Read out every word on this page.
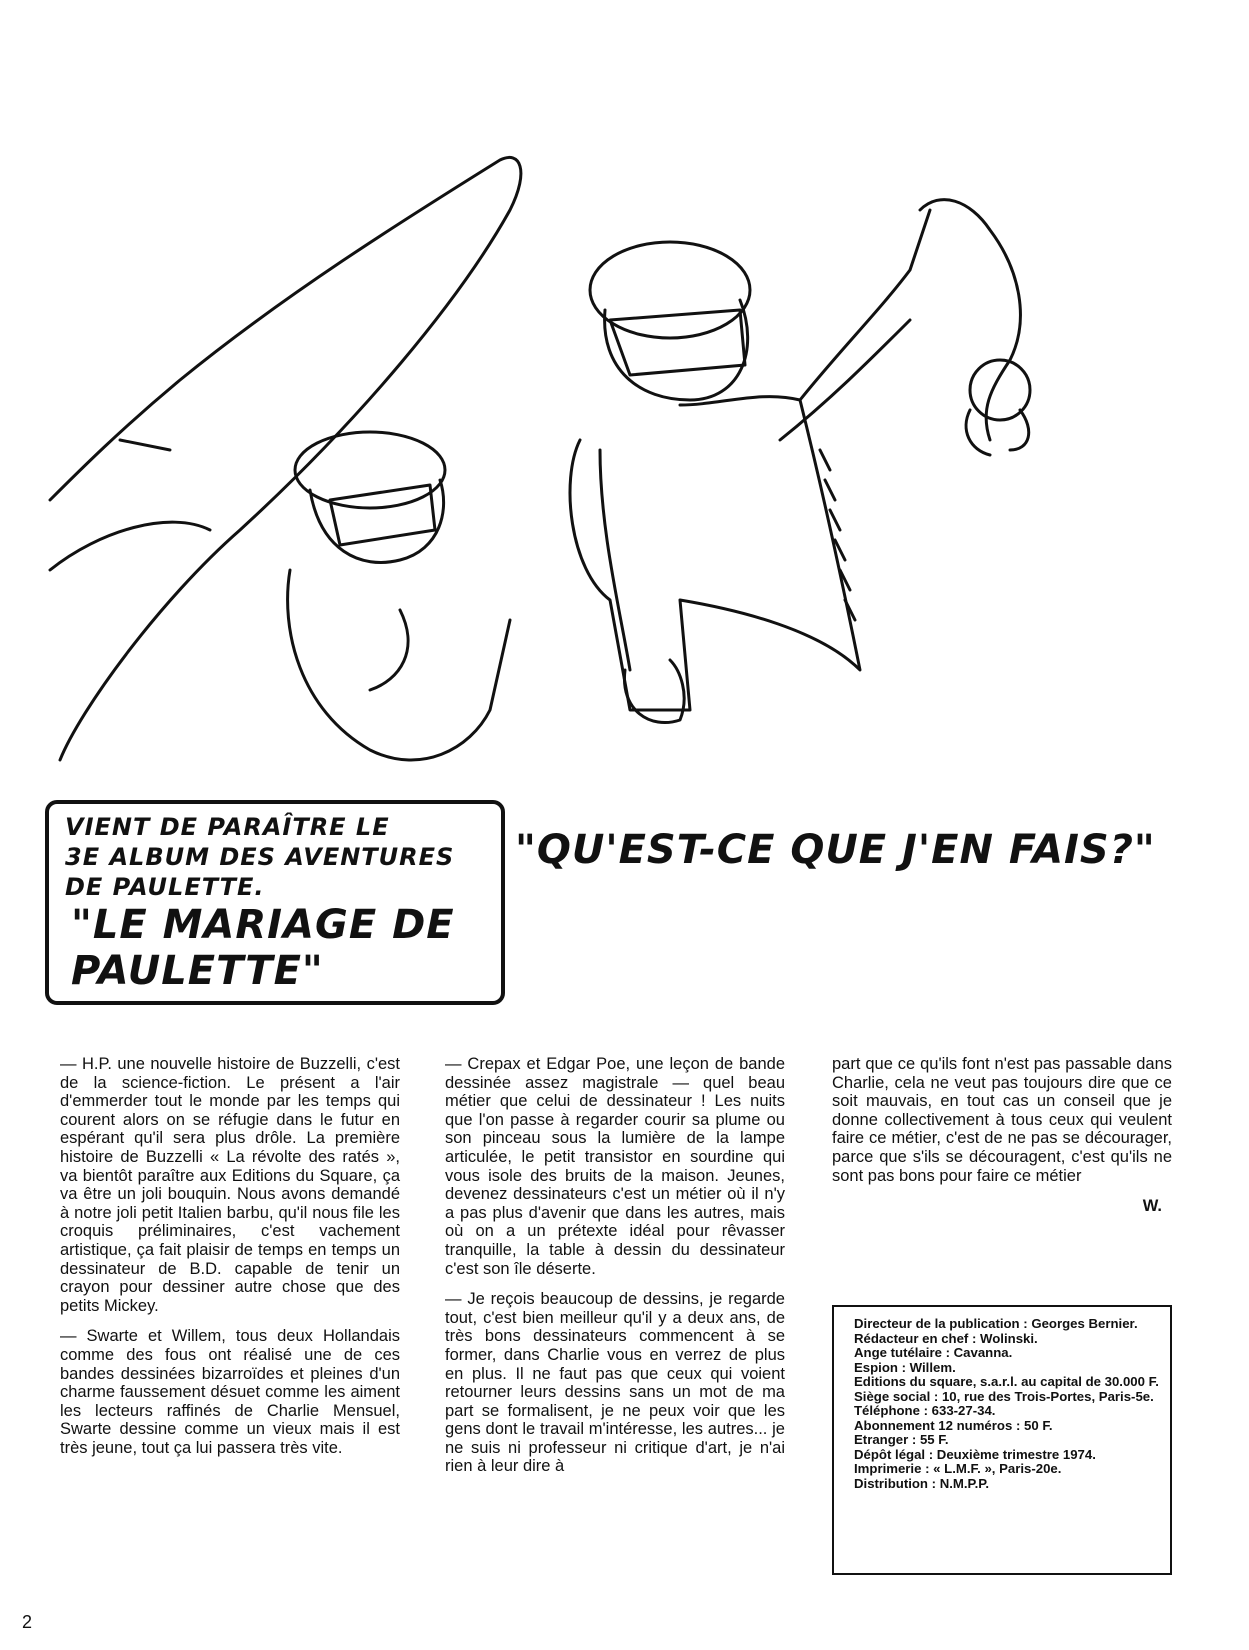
VIENT DE PARAÎTRE LE
3E ALBUM DES AVENTURES
DE PAULETTE.
"LE MARIAGE DE
PAULETTE"
"QU'EST-CE QUE J'EN FAIS?"

— H.P. une nouvelle histoire de Buzzelli, c'est de la science-fiction. Le présent a l'air d'emmerder tout le monde par les temps qui courent alors on se réfugie dans le futur en espérant qu'il sera plus drôle. La première histoire de Buzzelli « La révolte des ratés », va bientôt paraître aux Editions du Square, ça va être un joli bouquin. Nous avons demandé à notre joli petit Italien barbu, qu'il nous file les croquis préliminaires, c'est vachement artistique, ça fait plaisir de temps en temps un dessinateur de B.D. capable de tenir un crayon pour dessiner autre chose que des petits Mickey.

— Swarte et Willem, tous deux Hollandais comme des fous ont réalisé une de ces bandes dessinées bizarroïdes et pleines d'un charme faussement désuet comme les aiment les lecteurs raffinés de Charlie Mensuel, Swarte dessine comme un vieux mais il est très jeune, tout ça lui passera très vite.

— Crepax et Edgar Poe, une leçon de bande dessinée assez magistrale — quel beau métier que celui de dessinateur ! Les nuits que l'on passe à regarder courir sa plume ou son pinceau sous la lumière de la lampe articulée, le petit transistor en sourdine qui vous isole des bruits de la maison. Jeunes, devenez dessinateurs c'est un métier où il n'y a pas plus d'avenir que dans les autres, mais où on a un prétexte idéal pour rêvasser tranquille, la table à dessin du dessinateur c'est son île déserte.

— Je reçois beaucoup de dessins, je regarde tout, c'est bien meilleur qu'il y a deux ans, de très bons dessinateurs commencent à se former, dans Charlie vous en verrez de plus en plus. Il ne faut pas que ceux qui voient retourner leurs dessins sans un mot de ma part se formalisent, je ne peux voir que les gens dont le travail m'intéresse, les autres... je ne suis ni professeur ni critique d'art, je n'ai rien à leur dire à

part que ce qu'ils font n'est pas passable dans Charlie, cela ne veut pas toujours dire que ce soit mauvais, en tout cas un conseil que je donne collectivement à tous ceux qui veulent faire ce métier, c'est de ne pas se décourager, parce que s'ils se découragent, c'est qu'ils ne sont pas bons pour faire ce métier

W.
Directeur de la publication : Georges Bernier.
Rédacteur en chef : Wolinski.
Ange tutélaire : Cavanna.
Espion : Willem.
Editions du square, s.a.r.l. au capital de 30.000 F.
Siège social : 10, rue des Trois-Portes, Paris-5e.
Téléphone : 633-27-34.
Abonnement 12 numéros : 50 F.
Etranger : 55 F.
Dépôt légal : Deuxième trimestre 1974.
Imprimerie : « L.M.F. », Paris-20e.
Distribution : N.M.P.P.
2
